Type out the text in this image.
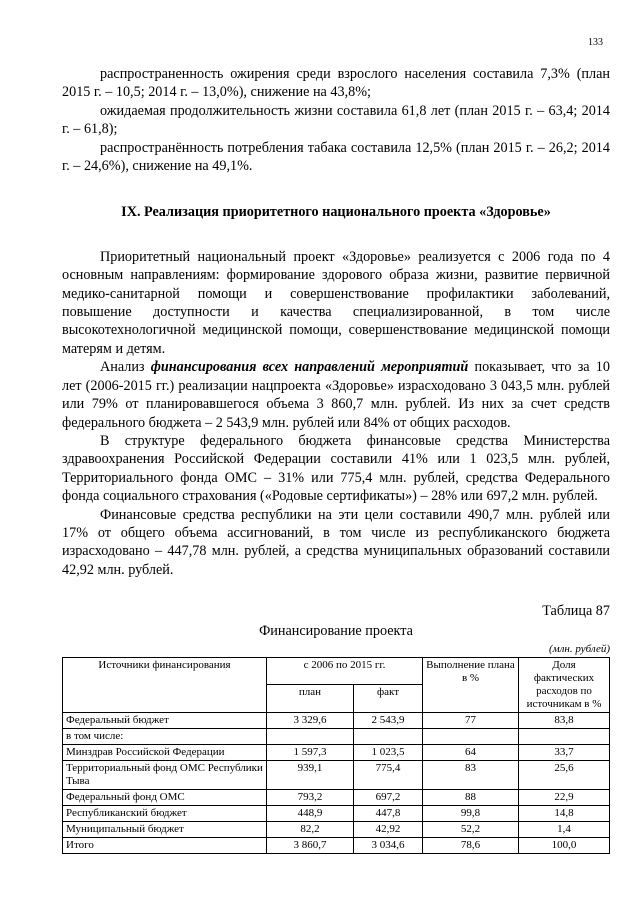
133

распространенность ожирения среди взрослого населения составила 7,3% (план 2015 г. – 10,5; 2014 г. – 13,0%), снижение на 43,8%;

ожидаемая продолжительность жизни составила 61,8 лет (план 2015 г. – 63,4; 2014 г. – 61,8);

распространённость потребления табака составила 12,5% (план 2015 г. – 26,2; 2014 г. – 24,6%), снижение на 49,1%.

IX. Реализация приоритетного национального проекта «Здоровье»

Приоритетный национальный проект «Здоровье» реализуется с 2006 года по 4 основным направлениям: формирование здорового образа жизни, развитие первичной медико-санитарной помощи и совершенствование профилактики заболеваний, повышение доступности и качества специализированной, в том числе высокотехнологичной медицинской помощи, совершенствование медицинской помощи матерям и детям.

Анализ финансирования всех направлений мероприятий показывает, что за 10 лет (2006-2015 гг.) реализации нацпроекта «Здоровье» израсходовано 3 043,5 млн. рублей или 79% от планировавшегося объема 3 860,7 млн. рублей. Из них за счет средств федерального бюджета – 2 543,9 млн. рублей или 84% от общих расходов.

В структуре федерального бюджета финансовые средства Министерства здравоохранения Российской Федерации составили 41% или 1 023,5 млн. рублей, Территориального фонда ОМС – 31% или 775,4 млн. рублей, средства Федерального фонда социального страхования («Родовые сертификаты») – 28% или 697,2 млн. рублей.

Финансовые средства республики на эти цели составили 490,7 млн. рублей или 17% от общего объема ассигнований, в том числе из республиканского бюджета израсходовано – 447,78 млн. рублей, а средства муниципальных образований составили 42,92 млн. рублей.

Таблица 87
Финансирование проекта
(млн. рублей)
Источники финансирования	с 2006 по 2015 гг.		Выполнение плана в %	Доля фактических расходов по источникам в %
	план	факт		
Федеральный бюджет	3 329,6	2 543,9	77	83,8
в том числе:				
Минздрав Российской Федерации	1 597,3	1 023,5	64	33,7
Территориальный фонд ОМС Республики Тыва	939,1	775,4	83	25,6
Федеральный фонд ОМС	793,2	697,2	88	22,9
Республиканский бюджет	448,9	447,8	99,8	14,8
Муниципальный бюджет	82,2	42,92	52,2	1,4
Итого	3 860,7	3 034,6	78,6	100,0
